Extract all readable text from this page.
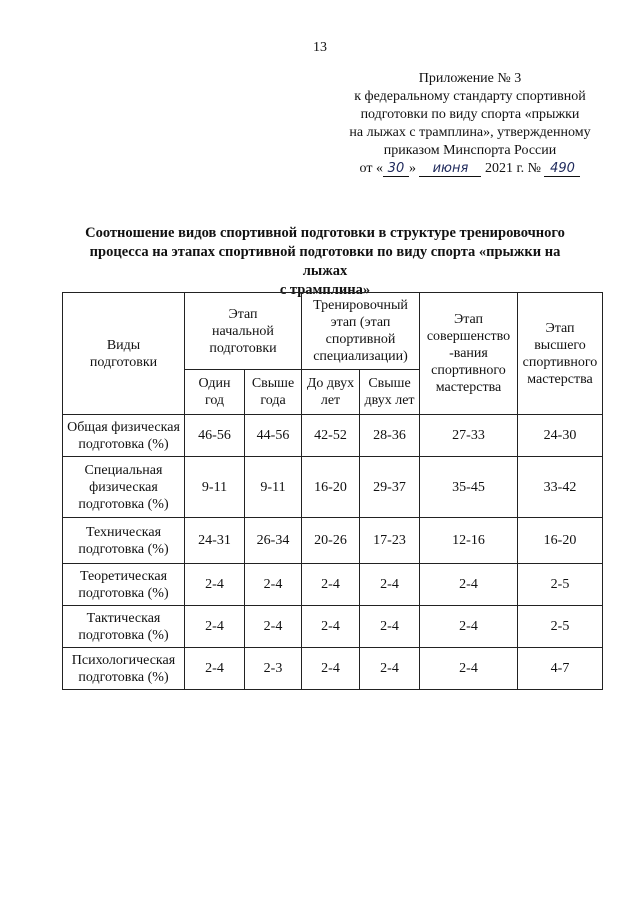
13
Приложение № 3
к федеральному стандарту спортивной
подготовки по виду спорта «прыжки
на лыжах с трамплина», утвержденному
приказом Минспорта России
от « 30 » июня 2021 г. № 490
Соотношение видов спортивной подготовки в структуре тренировочного
процесса на этапах спортивной подготовки по виду спорта «прыжки на лыжах
с трамплина»
Виды
подготовки	Этап
начальной
подготовки		Тренировочный
этап (этап
спортивной
специализации)		Этап
совершенство
-вания
спортивного
мастерства	Этап
высшего
спортивного
мастерства

	Один
год	Свыше
года	До двух
лет	Свыше
двух лет		

Общая физическая
подготовка (%)	46-56	44-56	42-52	28-36	27-33	24-30

Специальная
физическая
подготовка (%)	9-11	9-11	16-20	29-37	35-45	33-42

Техническая
подготовка (%)	24-31	26-34	20-26	17-23	12-16	16-20

Теоретическая
подготовка (%)	2-4	2-4	2-4	2-4	2-4	2-5

Тактическая
подготовка (%)	2-4	2-4	2-4	2-4	2-4	2-5

Психологическая
подготовка (%)	2-4	2-3	2-4	2-4	2-4	4-7
